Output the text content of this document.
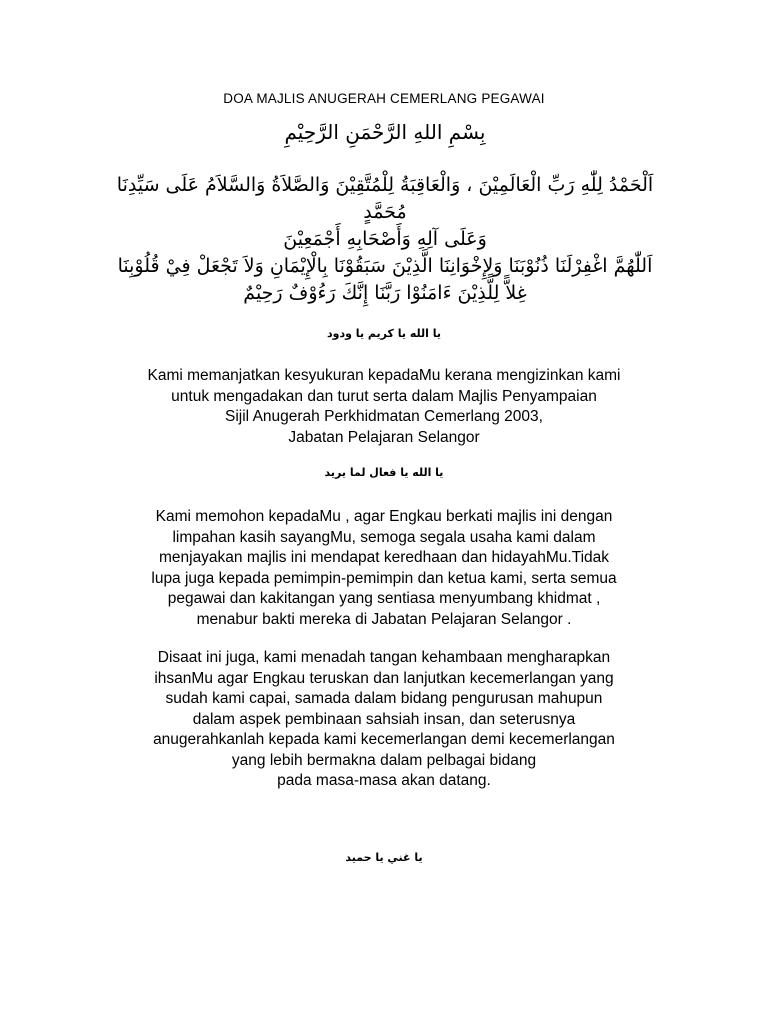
DOA MAJLIS ANUGERAH CEMERLANG PEGAWAI
بِسْمِ اللهِ الرَّحْمَنِ الرَّحِيْمِ
اَلْحَمْدُ لِلّٰهِ رَبِّ الْعَالَمِيْنَ ، وَالْعَاقِبَةُ لِلْمُتَّقِيْنَ وَالصَّلاَةُ وَالسَّلاَمُ عَلَى سَيِّدِنَا
مُحَمَّدٍ
وَعَلَى آلِهِ وَأَصْحَابِهِ أَجْمَعِيْنَ
اَللّٰهُمَّ اغْفِرْلَنَا ذُنُوْبَنَا وَلِإِخْوَانِنَا الَّذِيْنَ سَبَقُوْنَا بِالْإِيْمَانِ وَلاَ تَجْعَلْ فِيْ قُلُوْبِنَا
غِلاًّ لِلَّذِيْنَ ءَامَنُوْا رَبَّنَا إِنَّكَ رَءُوْفٌ رَحِيْمٌ
يا الله يا كريم يا ودود
Kami memanjatkan kesyukuran kepadaMu kerana mengizinkan kami
untuk mengadakan dan turut serta dalam Majlis Penyampaian
Sijil Anugerah Perkhidmatan Cemerlang 2003,
Jabatan Pelajaran Selangor
يا الله يا فعال لما يريد
Kami memohon kepadaMu , agar Engkau berkati majlis ini dengan
limpahan kasih sayangMu, semoga segala usaha kami dalam
menjayakan majlis ini mendapat keredhaan dan hidayahMu.Tidak
lupa juga kepada pemimpin-pemimpin dan ketua kami, serta semua
pegawai dan kakitangan yang sentiasa menyumbang khidmat ,
menabur bakti mereka di Jabatan Pelajaran Selangor .
Disaat ini juga, kami menadah tangan kehambaan mengharapkan
ihsanMu agar Engkau teruskan dan lanjutkan kecemerlangan yang
sudah kami capai, samada dalam bidang pengurusan mahupun
dalam aspek pembinaan sahsiah insan, dan seterusnya
anugerahkanlah kepada kami kecemerlangan demi kecemerlangan
yang lebih bermakna dalam pelbagai bidang
pada masa-masa akan datang.
يا غني يا حميد
